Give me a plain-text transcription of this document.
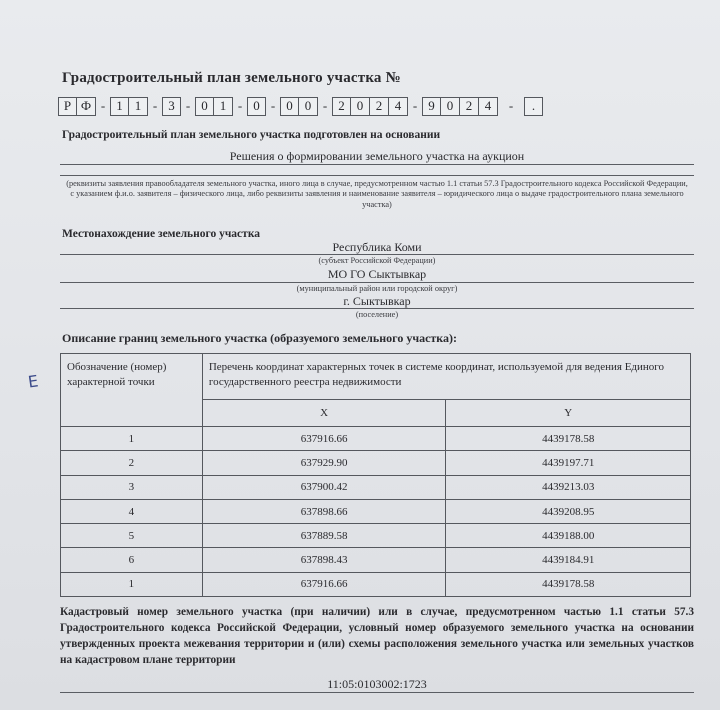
Градостроительный план земельного участка №
Р Ф - 1 1 - 3 - 0 1 - 0 - 0 0 - 2 0 2 4 - 9 0 2 4	-	.
Градостроительный план земельного участка подготовлен на основании
Решения о формировании земельного участка на аукцион
(реквизиты заявления правообладателя земельного участка, иного лица в случае, предусмотренном частью 1.1 статьи 57.3 Градостроительного кодекса Российской Федерации, с указанием ф.и.о. заявителя – физического лица, либо реквизиты заявления и наименование заявителя – юридического лица о выдаче градостроительного плана земельного участка)
Местонахождение земельного участка
Республика Коми
(субъект Российской Федерации)
МО ГО Сыктывкар
(муниципальный район или городской округ)
г. Сыктывкар
(поселение)
Описание границ земельного участка (образуемого земельного участка):
Е
Обозначение (номер) характерной точки	Перечень координат характерных точек в системе координат, используемой для ведения Единого государственного реестра недвижимости	
	X	Y
1	637916.66	4439178.58
2	637929.90	4439197.71
3	637900.42	4439213.03
4	637898.66	4439208.95
5	637889.58	4439188.00
6	637898.43	4439184.91
1	637916.66	4439178.58
Кадастровый номер земельного участка (при наличии) или в случае, предусмотренном частью 1.1 статьи 57.3 Градостроительного кодекса Российской Федерации, условный номер образуемого земельного участка на основании утвержденных проекта межевания территории и (или) схемы расположения земельного участка или земельных участков на кадастровом плане территории
11:05:0103002:1723
